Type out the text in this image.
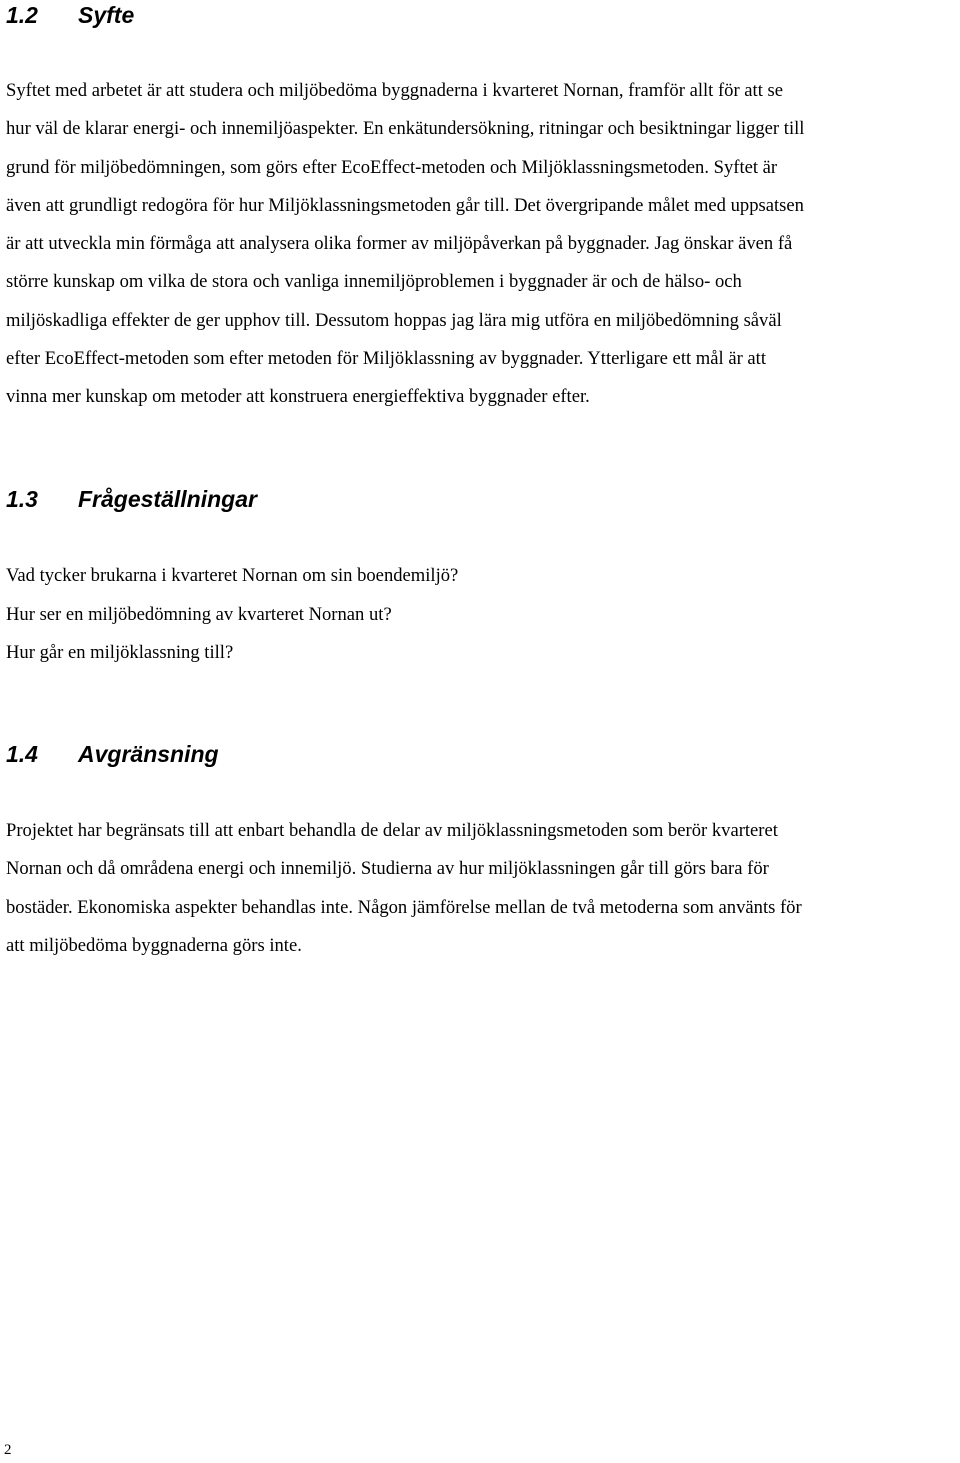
1.2 Syfte
Syftet med arbetet är att studera och miljöbedöma byggnaderna i kvarteret Nornan, framför allt för att se
hur väl de klarar energi- och innemiljöaspekter. En enkätundersökning, ritningar och besiktningar ligger till
grund för miljöbedömningen, som görs efter EcoEffect-metoden och Miljöklassningsmetoden. Syftet är
även att grundligt redogöra för hur Miljöklassningsmetoden går till. Det övergripande målet med uppsatsen
är att utveckla min förmåga att analysera olika former av miljöpåverkan på byggnader. Jag önskar även få
större kunskap om vilka de stora och vanliga innemiljöproblemen i byggnader är och de hälso- och
miljöskadliga effekter de ger upphov till. Dessutom hoppas jag lära mig utföra en miljöbedömning såväl
efter EcoEffect-metoden som efter metoden för Miljöklassning av byggnader. Ytterligare ett mål är att
vinna mer kunskap om metoder att konstruera energieffektiva byggnader efter.
1.3 Frågeställningar
Vad tycker brukarna i kvarteret Nornan om sin boendemiljö?
Hur ser en miljöbedömning av kvarteret Nornan ut?
Hur går en miljöklassning till?
1.4 Avgränsning
Projektet har begränsats till att enbart behandla de delar av miljöklassningsmetoden som berör kvarteret
Nornan och då områdena energi och innemiljö. Studierna av hur miljöklassningen går till görs bara för
bostäder. Ekonomiska aspekter behandlas inte. Någon jämförelse mellan de två metoderna som använts för
att miljöbedöma byggnaderna görs inte.
2
